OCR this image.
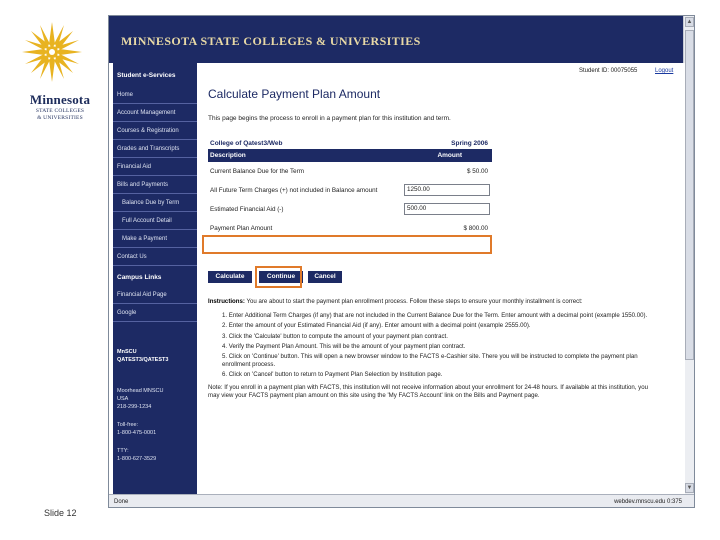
Minnesota
STATE COLLEGES
& UNIVERSITIES
Slide 12
MINNESOTA STATE COLLEGES & UNIVERSITIES
▲
▼
Student e-Services
Home
Account Management
Courses & Registration
Grades and Transcripts
Financial Aid
Bills and Payments
Balance Due by Term
Full Account Detail
Make a Payment
Contact Us
Campus Links
Financial Aid Page
Google
MnSCU QATEST3/QATEST3
Moorhead MNSCU
USA
218-299-1234
Toll-free:
1-800-475-0001
TTY:
1-800-627-3529
Student ID: 00075055	Logout
Calculate Payment Plan Amount
This page begins the process to enroll in a payment plan for this institution and term.
College of Qatest3/Web	Spring 2006
Description	Amount
Current Balance Due for the Term	$ 50.00
All Future Term Charges (+) not included in Balance amount	1250.00
Estimated Financial Aid (-)	500.00
Payment Plan Amount	$ 800.00
Calculate	Continue	Cancel
Instructions: You are about to start the payment plan enrollment process. Follow these steps to ensure your monthly installment is correct:
1. Enter Additional Term Charges (if any) that are not included in the Current Balance Due for the Term. Enter amount with a decimal point (example 1550.00).
2. Enter the amount of your Estimated Financial Aid (if any). Enter amount with a decimal point (example 2555.00).
3. Click the 'Calculate' button to compute the amount of your payment plan contract.
4. Verify the Payment Plan Amount. This will be the amount of your payment plan contract.
5. Click on 'Continue' button. This will open a new browser window to the FACTS e-Cashier site. There you will be instructed to complete the payment plan enrollment process.
6. Click on 'Cancel' button to return to Payment Plan Selection by Institution page.
Note: If you enroll in a payment plan with FACTS, this institution will not receive information about your enrollment for 24-48 hours. If available at this institution, you may view your FACTS payment plan amount on this site using the 'My FACTS Account' link on the Bills and Payment page.
Done	webdev.mnscu.edu 0:375
